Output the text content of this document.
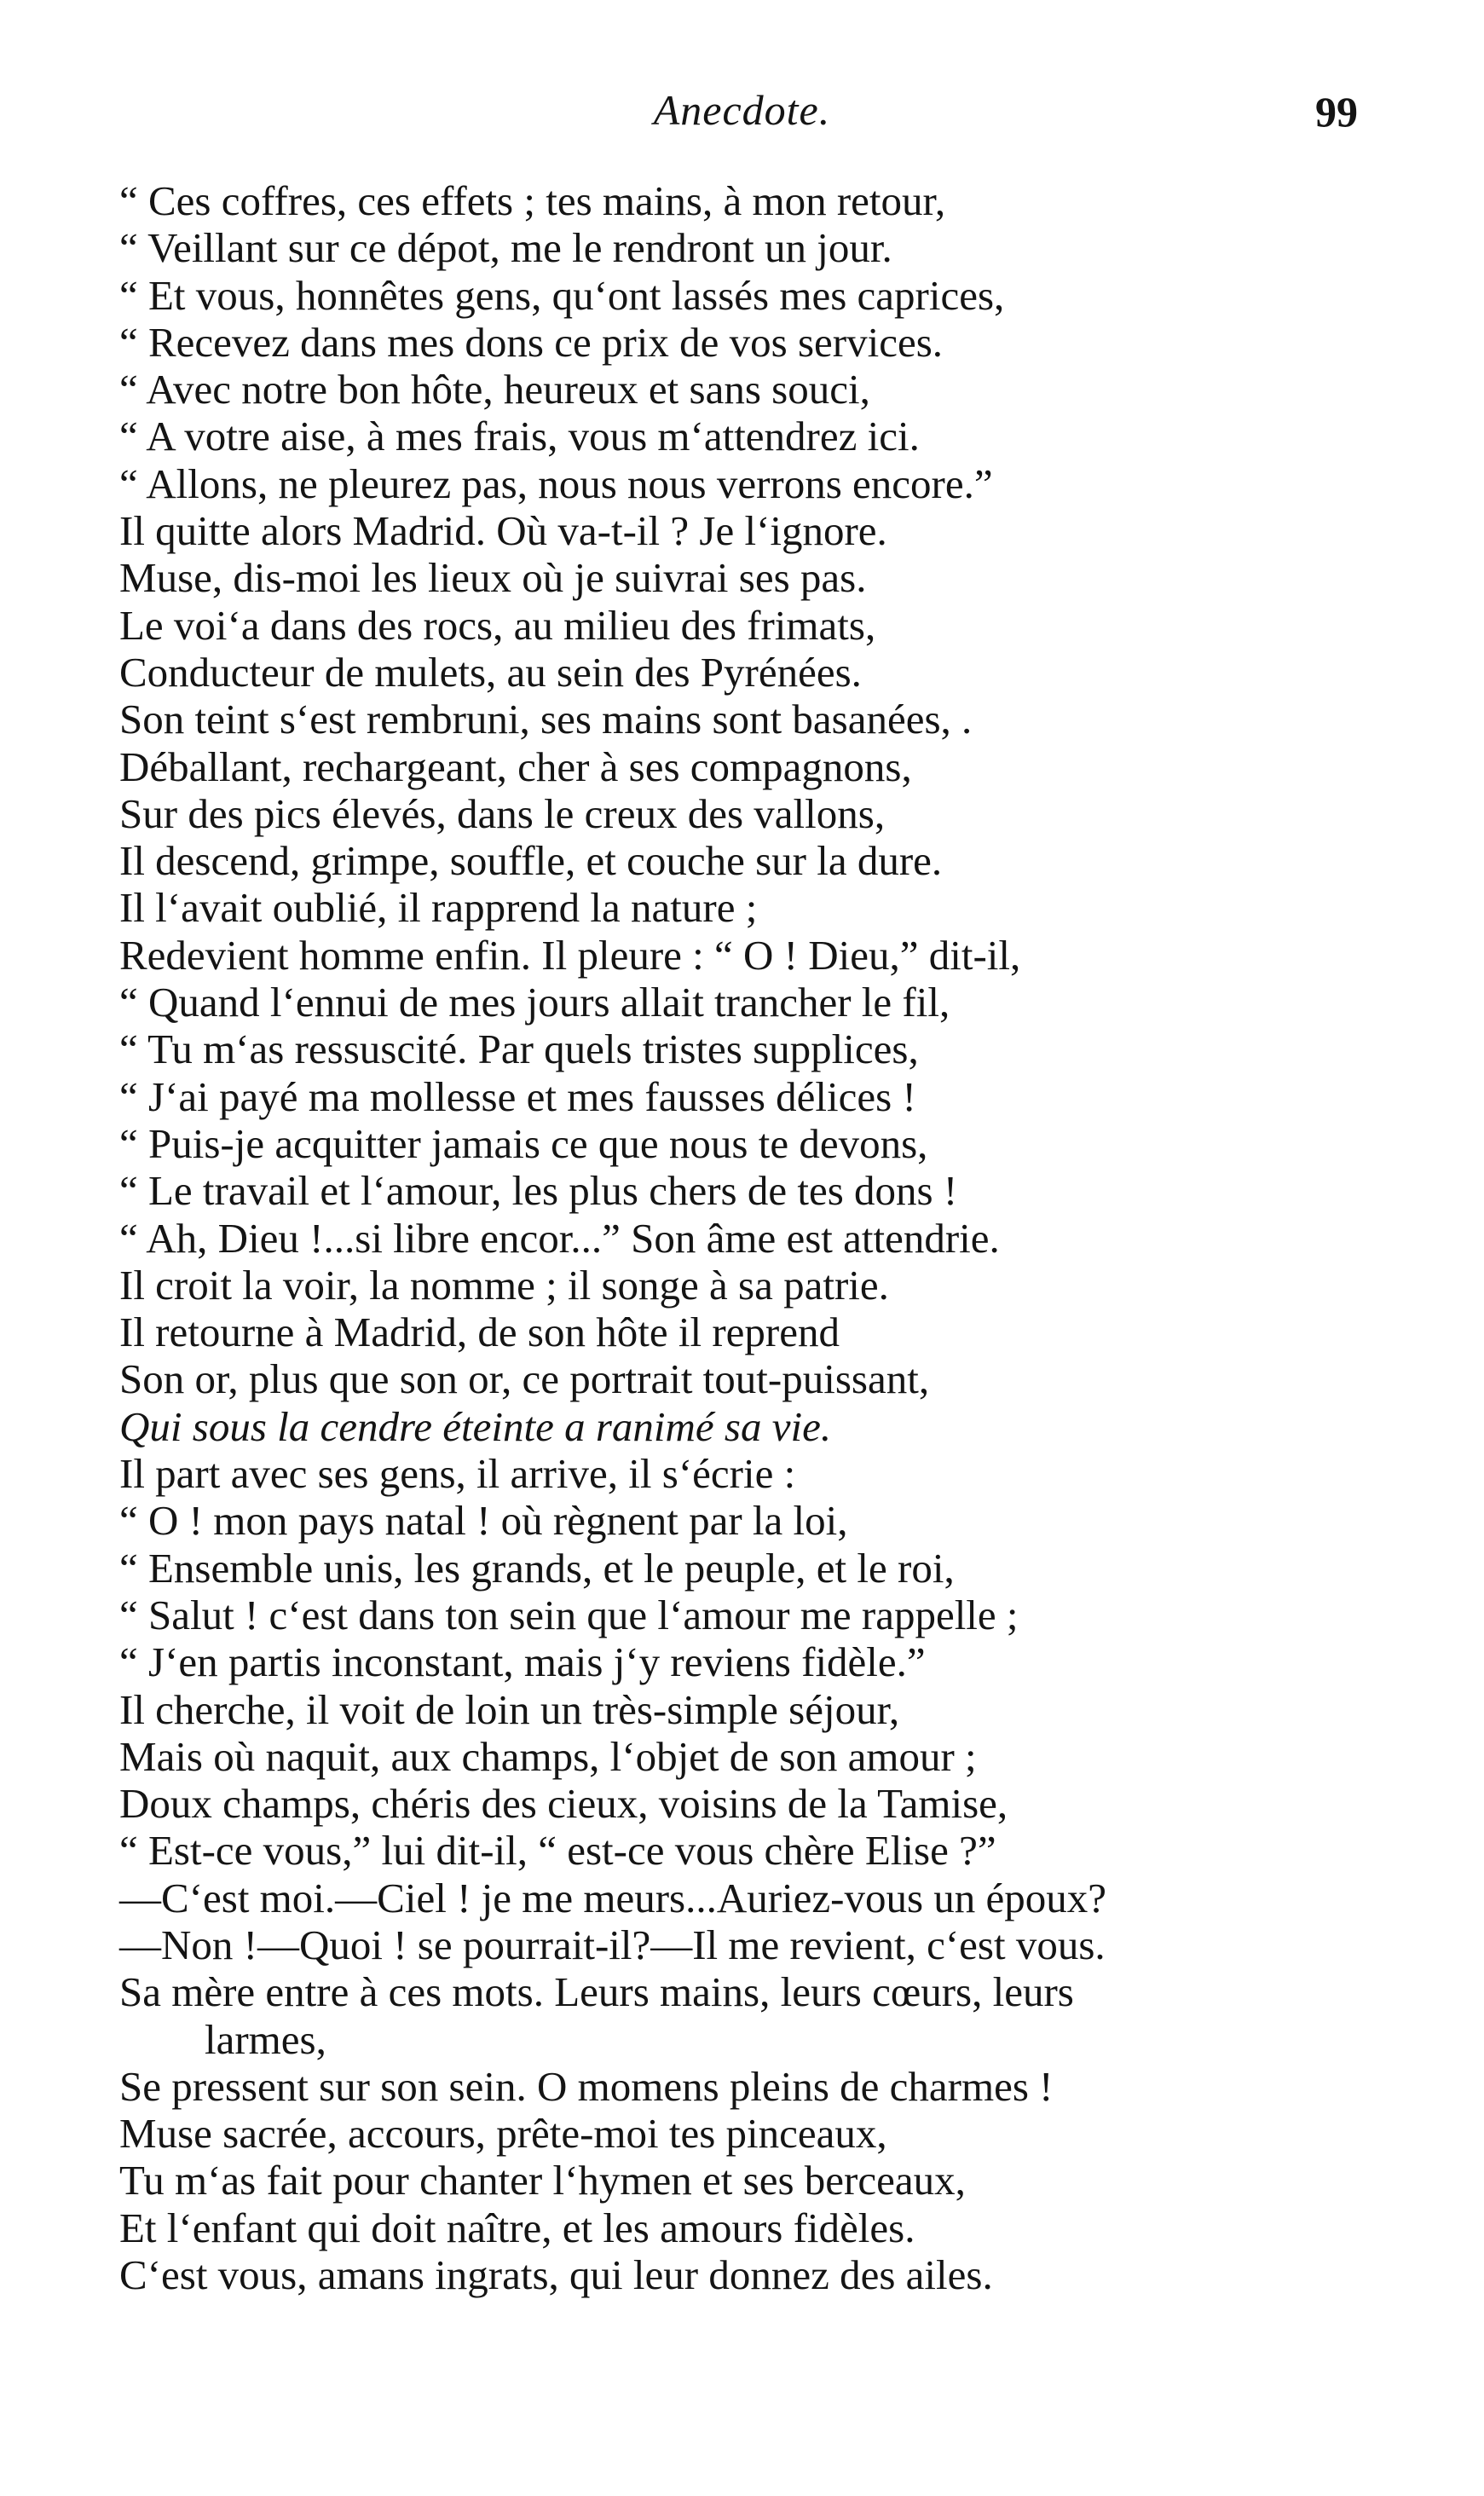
Anecdote.	99
“ Ces coffres, ces effets ; tes mains, à mon retour,
“ Veillant sur ce dépot, me le rendront un jour.
“ Et vous, honnêtes gens, qu‘ont lassés mes caprices,
“ Recevez dans mes dons ce prix de vos services.
“ Avec notre bon hôte, heureux et sans souci,
“ A votre aise, à mes frais, vous m‘attendrez ici.
“ Allons, ne pleurez pas, nous nous verrons encore.”
Il quitte alors Madrid. Où va-t-il ? Je l‘ignore.
Muse, dis-moi les lieux où je suivrai ses pas.
Le voi‘a dans des rocs, au milieu des frimats,
Conducteur de mulets, au sein des Pyrénées.
Son teint s‘est rembruni, ses mains sont basanées, .
Déballant, rechargeant, cher à ses compagnons,
Sur des pics élevés, dans le creux des vallons,
Il descend, grimpe, souffle, et couche sur la dure.
Il l‘avait oublié, il rapprend la nature ;
Redevient homme enfin. Il pleure : “ O ! Dieu,” dit-il,
“ Quand l‘ennui de mes jours allait trancher le fil,
“ Tu m‘as ressuscité. Par quels tristes supplices,
“ J‘ai payé ma mollesse et mes fausses délices !
“ Puis-je acquitter jamais ce que nous te devons,
“ Le travail et l‘amour, les plus chers de tes dons !
“ Ah, Dieu !...si libre encor...” Son âme est attendrie.
Il croit la voir, la nomme ; il songe à sa patrie.
Il retourne à Madrid, de son hôte il reprend
Son or, plus que son or, ce portrait tout-puissant,
Qui sous la cendre éteinte a ranimé sa vie.
Il part avec ses gens, il arrive, il s‘écrie :
“ O ! mon pays natal ! où règnent par la loi,
“ Ensemble unis, les grands, et le peuple, et le roi,
“ Salut ! c‘est dans ton sein que l‘amour me rappelle ;
“ J‘en partis inconstant, mais j‘y reviens fidèle.”
Il cherche, il voit de loin un très-simple séjour,
Mais où naquit, aux champs, l‘objet de son amour ;
Doux champs, chéris des cieux, voisins de la Tamise,
“ Est-ce vous,” lui dit-il, “ est-ce vous chère Elise ?”
—C‘est moi.—Ciel ! je me meurs...Auriez-vous un époux?
—Non !—Quoi ! se pourrait-il?—Il me revient, c‘est vous.
Sa mère entre à ces mots. Leurs mains, leurs cœurs, leurs
larmes,
Se pressent sur son sein. O momens pleins de charmes !
Muse sacrée, accours, prête-moi tes pinceaux,
Tu m‘as fait pour chanter l‘hymen et ses berceaux,
Et l‘enfant qui doit naître, et les amours fidèles.
C‘est vous, amans ingrats, qui leur donnez des ailes.
